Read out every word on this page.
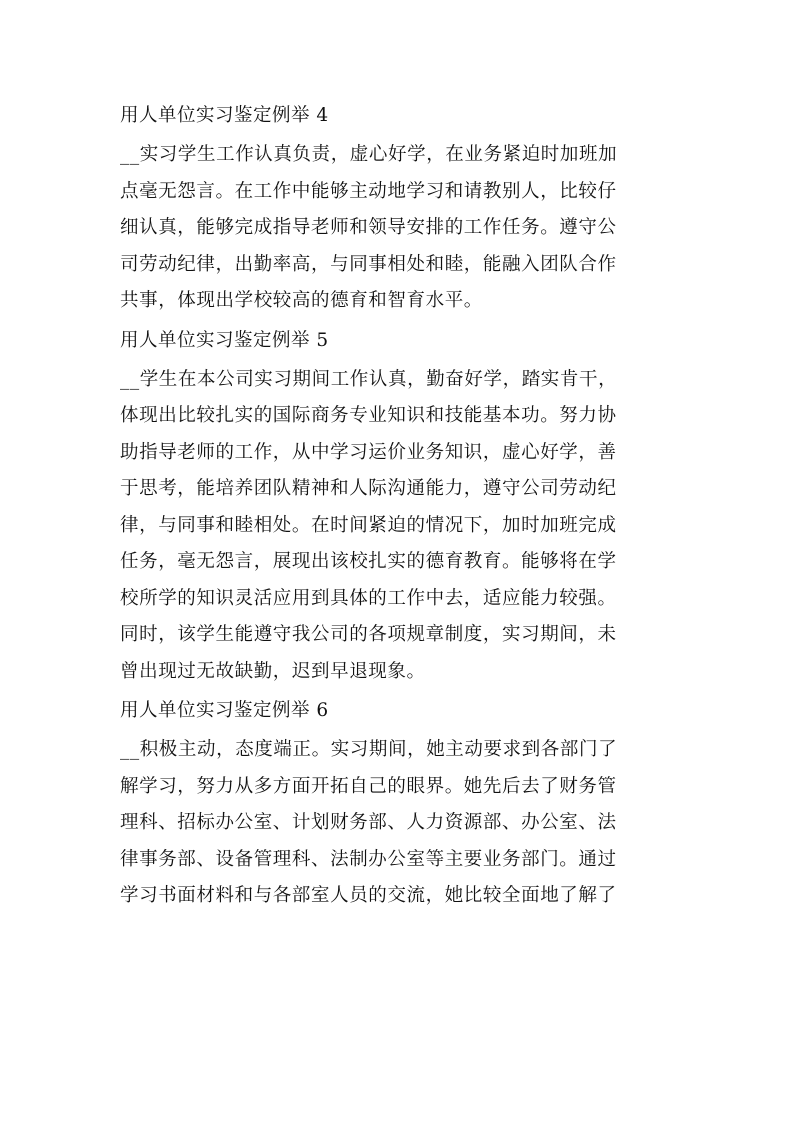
用人单位实习鉴定例举 4
__实习学生工作认真负责，虚心好学，在业务紧迫时加班加
点毫无怨言。在工作中能够主动地学习和请教别人，比较仔
细认真，能够完成指导老师和领导安排的工作任务。遵守公
司劳动纪律，出勤率高，与同事相处和睦，能融入团队合作
共事，体现出学校较高的德育和智育水平。
用人单位实习鉴定例举 5
__学生在本公司实习期间工作认真，勤奋好学，踏实肯干，
体现出比较扎实的国际商务专业知识和技能基本功。努力协
助指导老师的工作，从中学习运价业务知识，虚心好学，善
于思考，能培养团队精神和人际沟通能力，遵守公司劳动纪
律，与同事和睦相处。在时间紧迫的情况下，加时加班完成
任务，毫无怨言，展现出该校扎实的德育教育。能够将在学
校所学的知识灵活应用到具体的工作中去，适应能力较强。
同时，该学生能遵守我公司的各项规章制度，实习期间，未
曾出现过无故缺勤，迟到早退现象。
用人单位实习鉴定例举 6
__积极主动，态度端正。实习期间，她主动要求到各部门了
解学习，努力从多方面开拓自己的眼界。她先后去了财务管
理科、招标办公室、计划财务部、人力资源部、办公室、法
律事务部、设备管理科、法制办公室等主要业务部门。通过
学习书面材料和与各部室人员的交流，她比较全面地了解了
